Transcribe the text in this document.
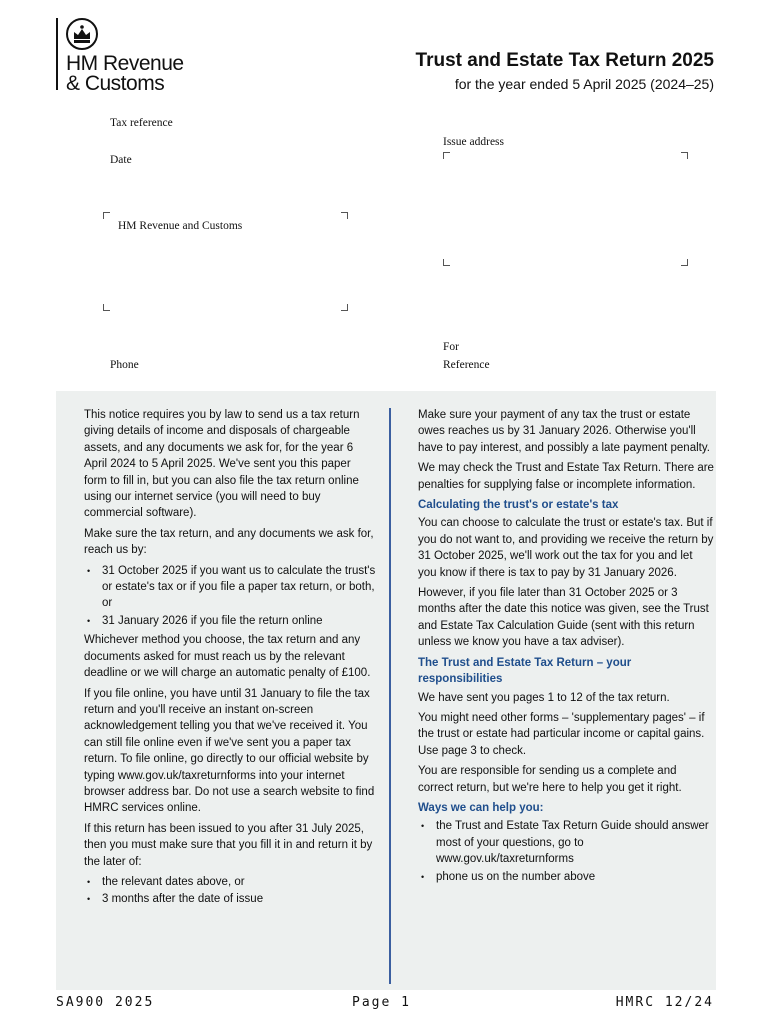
HM Revenue
& Customs
Trust and Estate Tax Return 2025
for the year ended 5 April 2025 (2024–25)
Tax reference
Date
Issue address
HM Revenue and Customs
Phone
For
Reference

This notice requires you by law to send us a tax return giving details of income and disposals of chargeable assets, and any documents we ask for, for the year 6 April 2024 to 5 April 2025. We've sent you this paper form to fill in, but you can also file the tax return online using our internet service (you will need to buy commercial software).

Make sure the tax return, and any documents we ask for, reach us by:

• 31 October 2025 if you want us to calculate the trust's or estate's tax or if you file a paper tax return, or both, or
• 31 January 2026 if you file the return online

Whichever method you choose, the tax return and any documents asked for must reach us by the relevant deadline or we will charge an automatic penalty of £100.

If you file online, you have until 31 January to file the tax return and you'll receive an instant on-screen acknowledgement telling you that we've received it. You can still file online even if we've sent you a paper tax return. To file online, go directly to our official website by typing www.gov.uk/taxreturnforms into your internet browser address bar. Do not use a search website to find HMRC services online.

If this return has been issued to you after 31 July 2025, then you must make sure that you fill it in and return it by the later of:

• the relevant dates above, or
• 3 months after the date of issue

Make sure your payment of any tax the trust or estate owes reaches us by 31 January 2026. Otherwise you'll have to pay interest, and possibly a late payment penalty.

We may check the Trust and Estate Tax Return. There are penalties for supplying false or incomplete information.

Calculating the trust's or estate's tax

You can choose to calculate the trust or estate's tax. But if you do not want to, and providing we receive the return by 31 October 2025, we'll work out the tax for you and let you know if there is tax to pay by 31 January 2026.

However, if you file later than 31 October 2025 or 3 months after the date this notice was given, see the Trust and Estate Tax Calculation Guide (sent with this return unless we know you have a tax adviser).

The Trust and Estate Tax Return – your responsibilities

We have sent you pages 1 to 12 of the tax return.

You might need other forms – 'supplementary pages' – if the trust or estate had particular income or capital gains. Use page 3 to check.

You are responsible for sending us a complete and correct return, but we're here to help you get it right.

Ways we can help you:
• the Trust and Estate Tax Return Guide should answer most of your questions, go to www.gov.uk/taxreturnforms
• phone us on the number above
SA900 2025	Page 1	HMRC 12/24
